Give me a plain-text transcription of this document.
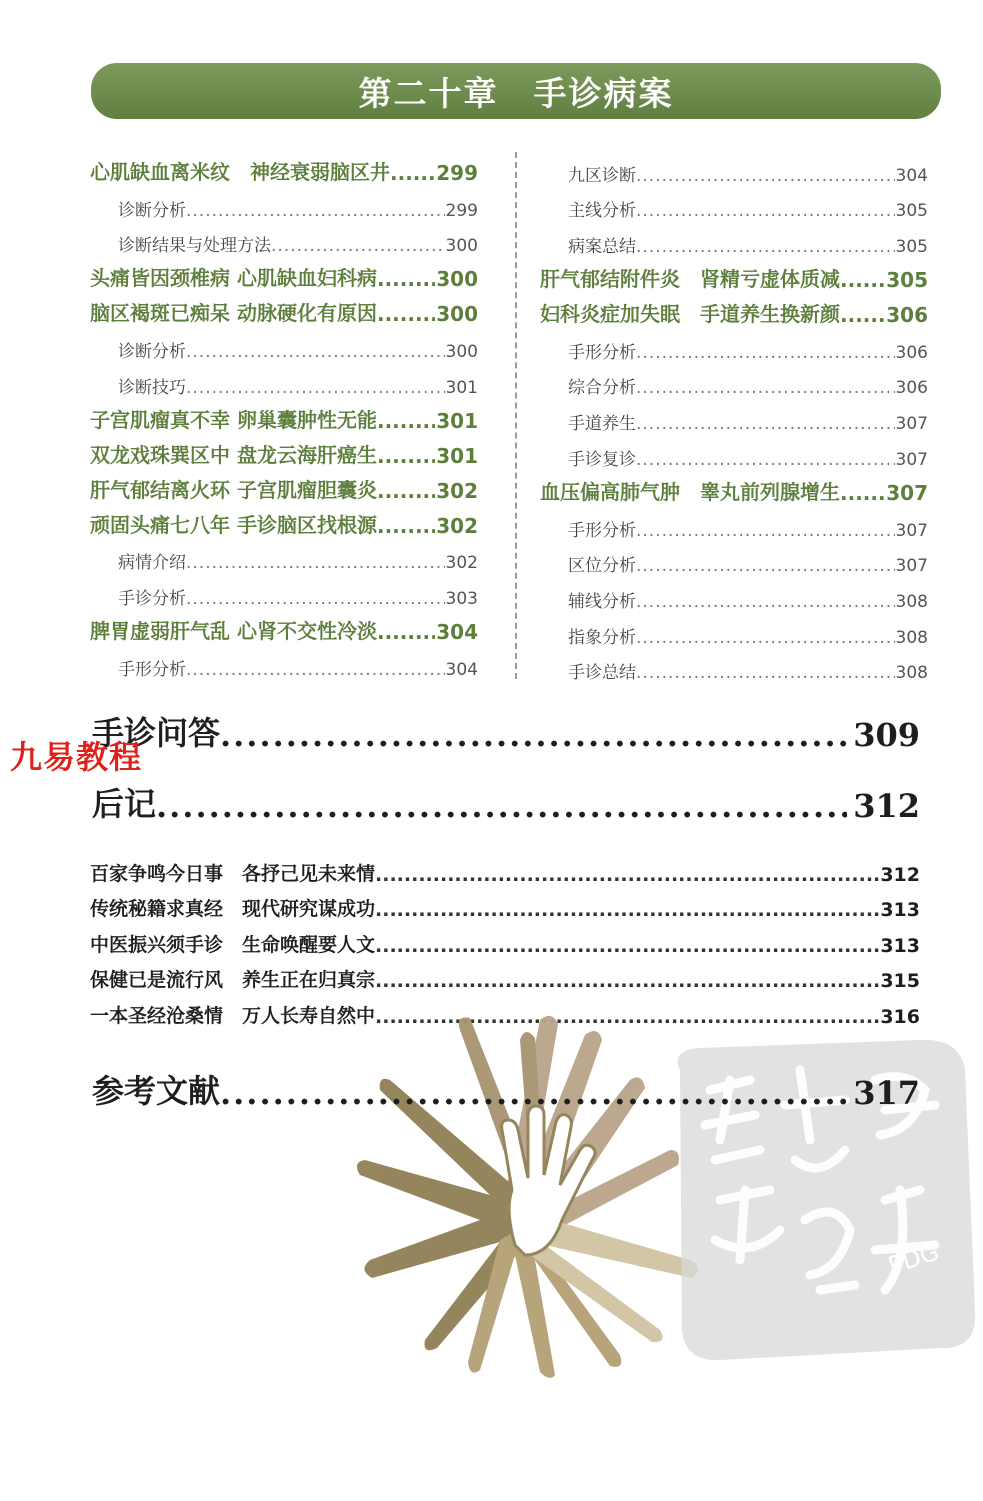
第二十章　手诊病案
心肌缺血离米纹　神经衰弱脑区井 ..... 299
诊断分析 .....	299
诊断结果与处理方法 .....	300
头痛皆因颈椎病 心肌缺血妇科病 .....	300
脑区褐斑已痴呆 动脉硬化有原因 .....	300
诊断分析 .....	300
诊断技巧 .....	301
子宫肌瘤真不幸 卵巢囊肿性无能 .....	301
双龙戏珠巽区中 盘龙云海肝癌生 .....	301
肝气郁结离火环 子宫肌瘤胆囊炎 .....	302
顽固头痛七八年 手诊脑区找根源 .....	302
病情介绍 .....	302
手诊分析 .....	303
脾胃虚弱肝气乱 心肾不交性冷淡 .....	304
手形分析 .....	304
九区诊断 .....	304
主线分析 .....	305
病案总结 .....	305
肝气郁结附件炎　肾精亏虚体质减 ..... 305
妇科炎症加失眠　手道养生换新颜 ..... 306
手形分析 .....	306
综合分析 .....	306
手道养生 .....	307
手诊复诊 .....	307
血压偏高肺气肿　睾丸前列腺增生 ..... 307
手形分析 .....	307
区位分析 .....	307
辅线分析 .....	308
指象分析 .....	308
手诊总结 .....	308
手诊问答 .....	309
九易教程
后记 .....	312
百家争鸣今日事　各抒己见未来情 .....	312
传统秘籍求真经　现代研究谋成功 .....	313
中医振兴须手诊　生命唤醒要人文 .....	313
保健已是流行风　养生正在归真宗 .....	315
一本圣经沧桑情　万人长寿自然中 .....	316
PDG
参考文献 .....	317
